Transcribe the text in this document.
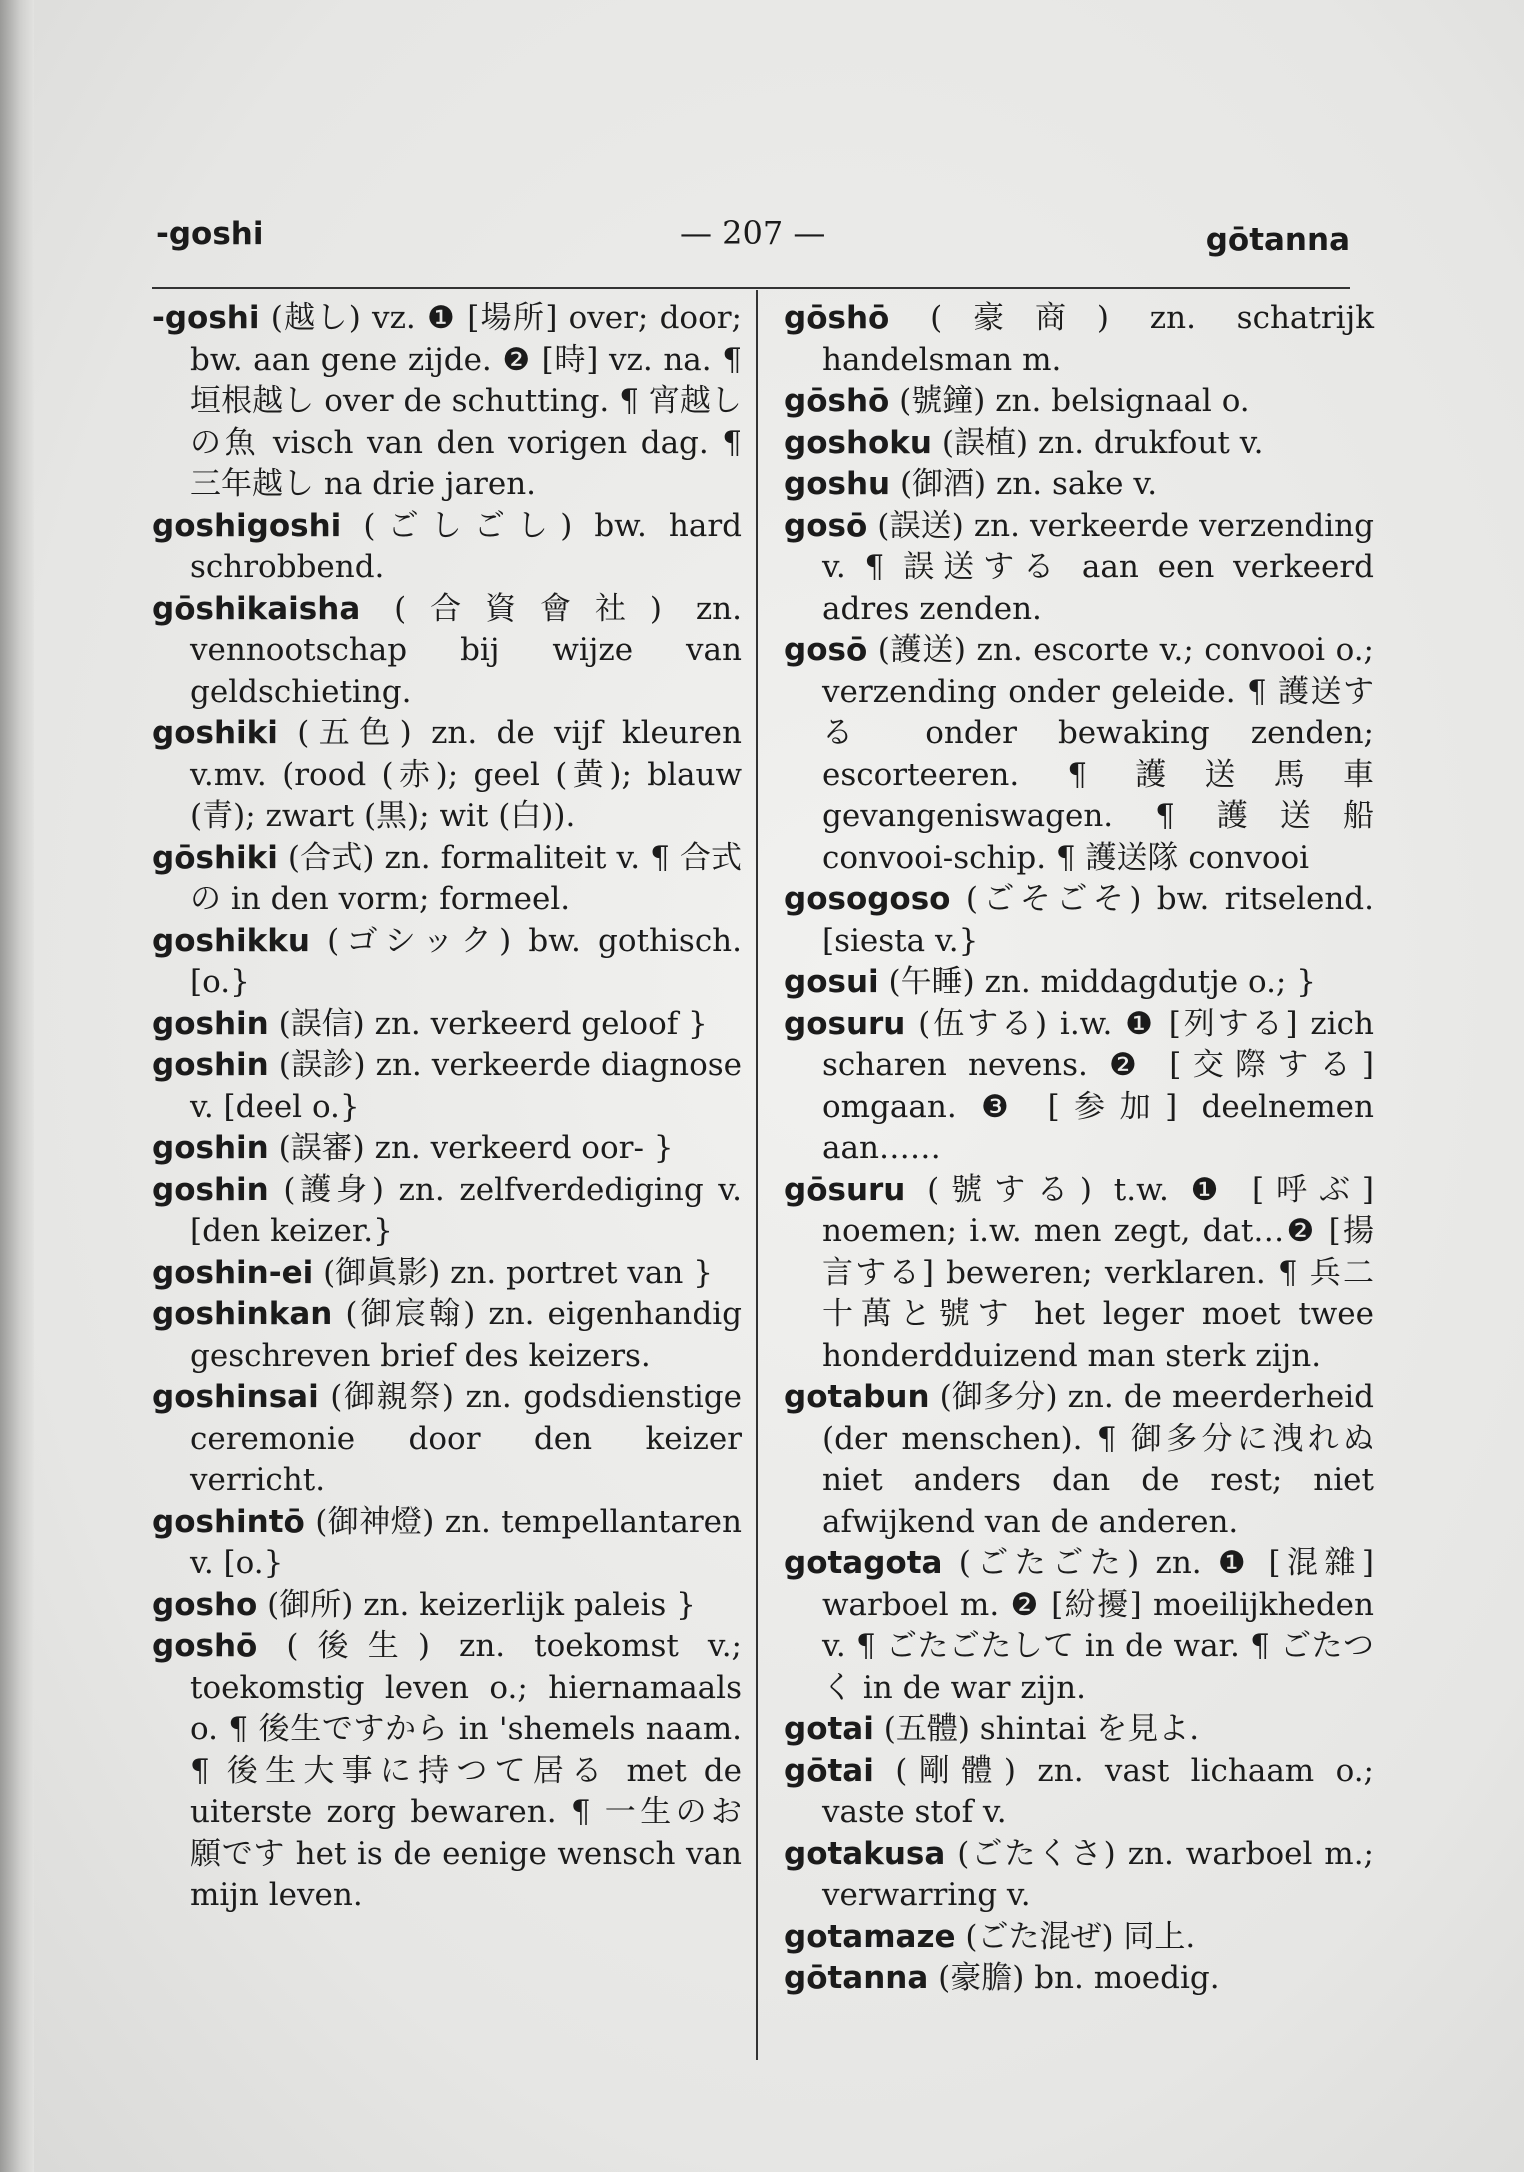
-goshi	— 207 —	gōtanna

-goshi (越し) vz. ❶ [場所] over; door; bw. aan gene zijde. ❷ [時] vz. na. ¶ 垣根越し over de schutting. ¶ 宵越しの魚 visch van den vorigen dag. ¶ 三年越し na drie jaren.

goshigoshi (ごしごし) bw. hard schrobbend.

gōshikaisha (合資會社) zn. vennootschap bij wijze van geldschieting.

goshiki (五色) zn. de vijf kleuren v.mv. (rood (赤); geel (黄); blauw (青); zwart (黒); wit (白)).

gōshiki (合式) zn. formaliteit v. ¶ 合式の in den vorm; formeel.

goshikku (ゴシック) bw. gothisch. [o.}

goshin (誤信) zn. verkeerd geloof }

goshin (誤診) zn. verkeerde diagnose v. [deel o.}

goshin (誤審) zn. verkeerd oor- }

goshin (護身) zn. zelfverdediging v. [den keizer.}

goshin-ei (御眞影) zn. portret van }

goshinkan (御宸翰) zn. eigenhandig geschreven brief des keizers.

goshinsai (御親祭) zn. godsdienstige ceremonie door den keizer verricht.

goshintō (御神燈) zn. tempellantaren v. [o.}

gosho (御所) zn. keizerlijk paleis }

goshō (後生) zn. toekomst v.; toekomstig leven o.; hiernamaals o. ¶ 後生ですから in 'shemels naam. ¶ 後生大事に持つて居る met de uiterste zorg bewaren. ¶ 一生のお願です het is de eenige wensch van mijn leven.

gōshō (豪商) zn. schatrijk handelsman m.

gōshō (號鐘) zn. belsignaal o.

goshoku (誤植) zn. drukfout v.

goshu (御酒) zn. sake v.

gosō (誤送) zn. verkeerde verzending v. ¶ 誤送する aan een verkeerd adres zenden.

gosō (護送) zn. escorte v.; convooi o.; verzending onder geleide. ¶ 護送する onder bewaking zenden; escorteeren. ¶ 護送馬車 gevangeniswagen. ¶ 護送船 convooi-schip. ¶ 護送隊 convooi

gosogoso (ごそごそ) bw. ritselend. [siesta v.}

gosui (午睡) zn. middagdutje o.; }

gosuru (伍する) i.w. ❶ [列する] zich scharen nevens. ❷ [交際する] omgaan. ❸ [参加] deelnemen aan……

gōsuru (號する) t.w. ❶ [呼ぶ] noemen; i.w. men zegt, dat…❷ [揚言する] beweren; verklaren. ¶ 兵二十萬と號す het leger moet twee honderdduizend man sterk zijn.

gotabun (御多分) zn. de meerderheid (der menschen). ¶ 御多分に洩れぬ niet anders dan de rest; niet afwijkend van de anderen.

gotagota (ごたごた) zn. ❶ [混雜] warboel m. ❷ [紛擾] moeilijkheden v. ¶ ごたごたして in de war. ¶ ごたつく in de war zijn.

gotai (五體) shintai を見よ.

gōtai (剛體) zn. vast lichaam o.; vaste stof v.

gotakusa (ごたくさ) zn. warboel m.; verwarring v.

gotamaze (ごた混ぜ) 同上.

gōtanna (豪膽) bn. moedig.
